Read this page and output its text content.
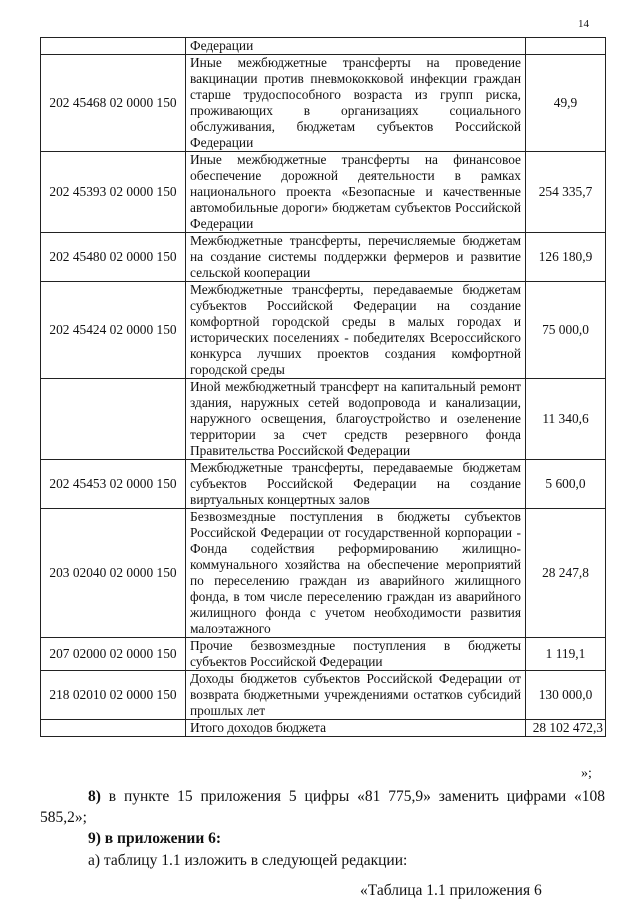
14
	Федерации	
202 45468 02 0000 150	Иные межбюджетные трансферты на проведение вакцинации против пневмококковой инфекции граждан старше трудоспособного возраста из групп риска, проживающих в организациях социального обслуживания, бюджетам субъектов Российской Федерации	49,9
202 45393 02 0000 150	Иные межбюджетные трансферты на финансовое обеспечение дорожной деятельности в рамках национального проекта «Безопасные и качественные автомобильные дороги» бюджетам субъектов Российской Федерации	254 335,7
202 45480 02 0000 150	Межбюджетные трансферты, перечисляемые бюджетам на создание системы поддержки фермеров и развитие сельской кооперации	126 180,9
202 45424 02 0000 150	Межбюджетные трансферты, передаваемые бюджетам субъектов Российской Федерации на создание комфортной городской среды в малых городах и исторических поселениях - победителях Всероссийского конкурса лучших проектов создания комфортной городской среды	75 000,0
	Иной межбюджетный трансферт на капитальный ремонт здания, наружных сетей водопровода и канализации, наружного освещения, благоустройство и озеленение территории за счет средств резервного фонда Правительства Российской Федерации	11 340,6
202 45453 02 0000 150	Межбюджетные трансферты, передаваемые бюджетам субъектов Российской Федерации на создание виртуальных концертных залов	5 600,0
203 02040 02 0000 150	Безвозмездные поступления в бюджеты субъектов Российской Федерации от государственной корпорации - Фонда содействия реформированию жилищно-коммунального хозяйства на обеспечение мероприятий по переселению граждан из аварийного жилищного фонда, в том числе переселению граждан из аварийного жилищного фонда с учетом необходимости развития малоэтажного	28 247,8
207 02000 02 0000 150	Прочие безвозмездные поступления в бюджеты субъектов Российской Федерации	1 119,1
218 02010 02 0000 150	Доходы бюджетов субъектов Российской Федерации от возврата бюджетными учреждениями остатков субсидий прошлых лет	130 000,0
	Итого доходов бюджета	28 102 472,3
»;
8) в пункте 15 приложения 5 цифры «81 775,9» заменить цифрами «108 585,2»;
9) в приложении 6:
а) таблицу 1.1 изложить в следующей редакции:
«Таблица 1.1 приложения 6
